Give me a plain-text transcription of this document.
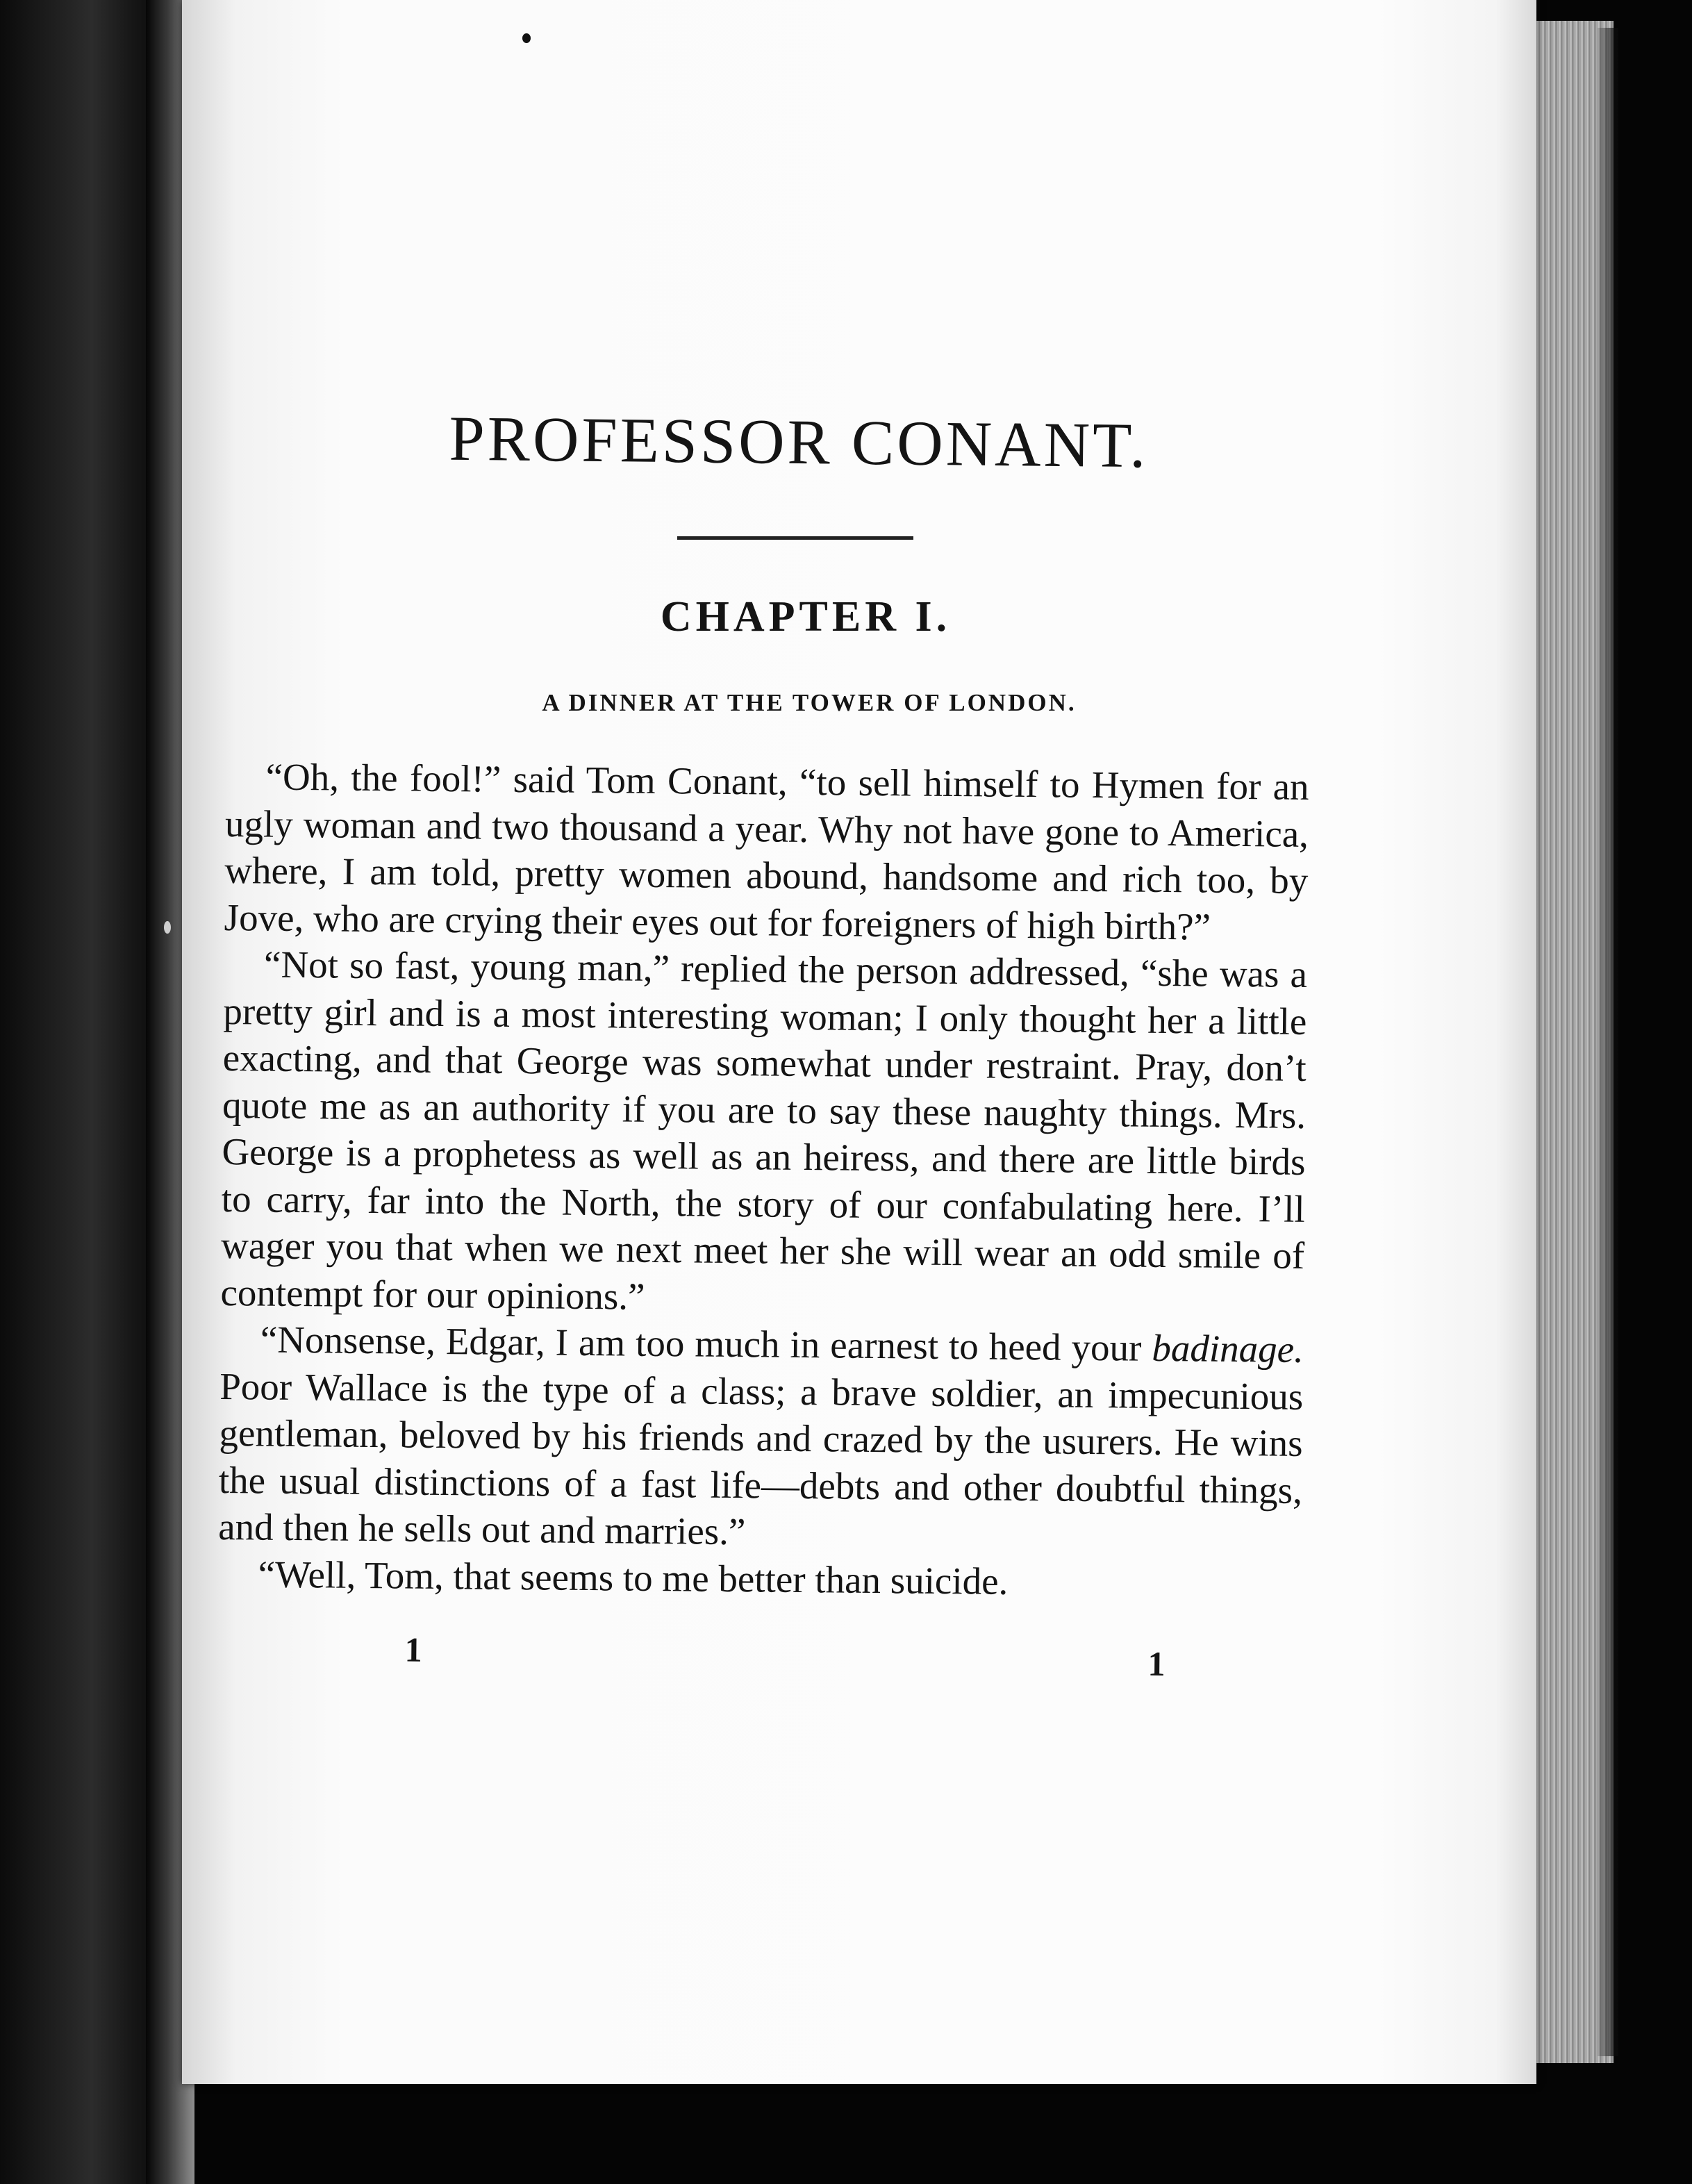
PROFESSOR CONANT.
CHAPTER I.
A DINNER AT THE TOWER OF LONDON.

“Oh, the fool!” said Tom Conant, “to sell himself to Hymen for an ugly woman and two thousand a year. Why not have gone to America, where, I am told, pretty women abound, handsome and rich too, by Jove, who are crying their eyes out for foreigners of high birth?”

“Not so fast, young man,” replied the person addressed, “she was a pretty girl and is a most interesting woman; I only thought her a little exacting, and that George was somewhat under restraint. Pray, don’t quote me as an authority if you are to say these naughty things. Mrs. George is a prophetess as well as an heiress, and there are little birds to carry, far into the North, the story of our confabulating here. I’ll wager you that when we next meet her she will wear an odd smile of contempt for our opinions.”

“Nonsense, Edgar, I am too much in earnest to heed your badinage. Poor Wallace is the type of a class; a brave soldier, an impecunious gentleman, beloved by his friends and crazed by the usurers. He wins the usual distinctions of a fast life—debts and other doubtful things, and then he sells out and marries.”

“Well, Tom, that seems to me better than suicide.

1	1
